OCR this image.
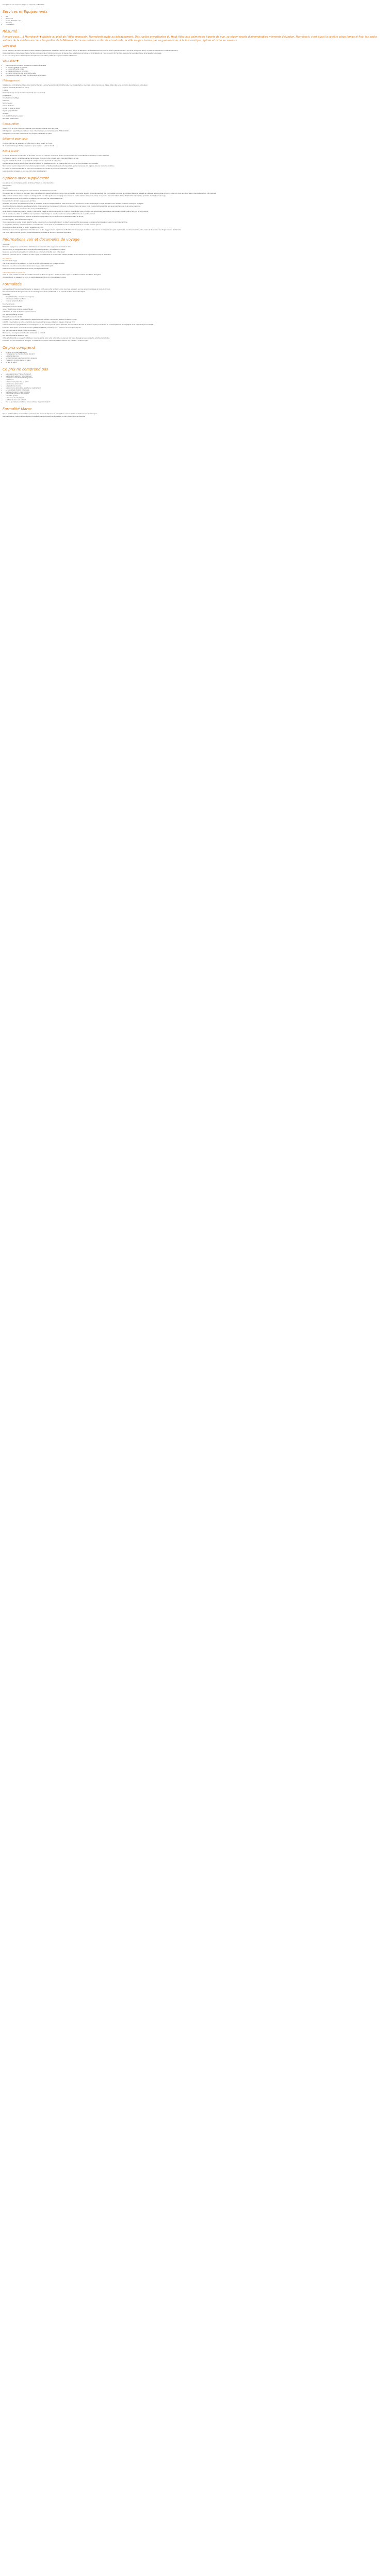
Description Ce prix comprend / Ce prix ne comprend pas Formalités

Services et Equipements
• Wifi
• Restaurant
• Sauna - Hammam - Spa
• Television
• Climatisation
Résumé

Rendez-vous... à Marrakech ♥ Nichée au pied de l'Atlas marocain, Marrakech invite au dépaysement. Des ruelles envoûtantes du Haut Atlas aux palmeraies à perte de vue, sa région recèle d'innombrables moments d'évasion. Marrakech, c'est aussi la célèbre place Jemaa el-Fna, les souks animés de la médina au cœur les jardins de la Ménara. Entre ses trésors culturels et naturels, la ville rouge charme par sa gastronomie, à la fois rustique, épicée et riche en saveurs

Votre Riad

Le Riad Dar Kimoa et le Riad Marrakech (ou Riad Saint-Tropez) à Marrakech. Idéalement situé au cœur de la médina de Marrakech, ces établissements sont tous les deux à quelques minutes à pied de la place Jemaa el-Fna, du palais de la Bahia et du musée de Marrakech.

Dans une ambiance chaleureuse, chaque chambre propose un décor traditionnel marocain et dispose d'une salle de bains privative, de la climatisation et d'une connexion Wi-Fi gratuite. Vous pourrez vous détendre sur la terrasse bien aménagée.

Ce riad vous plonge dans une atmosphère d'exception et vous invite à profiter d'un séjour inoubliable à Marrakech.

Vous allez ♥
• Les conditions d'annulation flexibles et une flexibilité de dates
• La piscine à partager en plein air
• La cuisine raffinée et variée
• La vue panoramique sur la médina
• Le quartier très animé et la proximité des sites
• L'emplacement idéal pour partir à la découverte de Marrakech
Hébergement

Installez-vous confortablement dans votre chambre Standard. Les touches de décoration traditionnelle vous transportent au cœur de la culture marocaine et chaque détail a été pensé pour votre bien-être durant votre séjour.

Capacité maximale (lits bébé non inclus) :

1 Adulte

Possibilité de séjourner en chambre individuelle avec supplément

Equipements :

Climatisation / chauffage

Coffre-fort

Sèche-cheveux

Arrivée et départ :

Arrivée : à partir de 14h00

Départ : jusqu'à 12h00

Adresse :

123, Derb El Hammam Laksour

Marrakech 40000, Maroc

Restauration

Dans le cadre de votre offre, nous installons la formule petit-déjeuner (servi sur place) :

Petit déjeuner - le petit-déjeuner est servi dans votre chambre ou sur la terrasse entre 7h30 et 10h30.

Les repas non inclus dans votre formule sont à régler directement sur place.

Séjourné pour vous

Un dîner offert dans le restaurant de l'hôtel pour un séjour à partir de 3 nuits

30 minutes de massage offertes par personne pour un séjour à partir de 3 nuits

Bon à savoir

Le riad est idéalement situé au cœur de la médina, non loin de nombreux monuments et sites incontournables tout en bénéficiant d'une ambiance calme et paisible.

Configuration des lits : le riad dispose de chambres avec lit double ou lits jumeaux, selon disponibilité à votre arrivée.

Séjour le vendredi et samedi : un supplément est à prévoir selon la période de votre séjour.

Les frais de taxe de séjour sont à régler directement auprès de l'établissement lors de votre arrivée. Les enfants de moins de 12 ans sont exonérés.

Merci de bien vouloir indiquer votre heure d'arrivée approximative à l'établissement avant votre départ afin que l'accueil puisse être organisé dans les meilleures conditions.

Le nombre de personnes inscrites au séjour doit correspondre au nombre de personnes présentes à l'arrivée.

Les animaux de compagnie ne sont pas admis dans l'établissement.

Options avec supplément

Ces options vous sont proposées dans la rubrique "Dates" de votre réservation :

Demi-pension

Transfert

Découverte Marrakech en demi-journée : Une immersion dans les trésors de la ville

Plongez au cœur de l'histoire de Marrakech avec une visite guidée passionnante de la médina. Vous partirez à la découverte des sites emblématiques de la ville : la mosquée Koutoubia, les tombeaux Saadiens, le palais de la Bahia et la place Jemaa el-Fna. Un guide local vous racontera l'histoire fascinante de cette cité impériale.

Votre aventure commence avec une prise en charge à votre riad. Votre guide vous accompagnera à travers les ruelles animées et les souks colorés. Vous pourrez découvrir l'artisanat local et les traditions ancestrales qui font le charme de la ville rouge.

L'expérience se termine par un moment de détente autour d'un thé à la menthe traditionnel.

Excursion Ourika et Imlil : Les splendeurs de l'Atlas

Partez à la découverte des vallées verdoyantes du Haut Atlas et de leurs villages berbères. Cette excursion vous emmènera à travers des paysages à couper le souffle, entre cascades, rivières et montagnes enneigées.

Vous rencontrerez les habitants des villages berbères et découvrirez leur mode de vie traditionnel. Un déjeuner dans une maison locale vous permettra de goûter aux saveurs authentiques de la cuisine marocaine.

Excursion Essaouira : Une journée au cœur de la perle de l'Atlantique

Venez découvrir Essaouira, ancienne Mogador, ville fortifiée classée au patrimoine mondial de l'UNESCO. Vous flânerez dans sa médina aux maisons blanches et bleues, ses remparts face à l'océan et son port de pêche animé.

Lors de la route, vous ferez un arrêt dans une coopérative d'huile d'argan où vous découvrirez les secrets de fabrication de ce produit précieux.

Vous profiterez de temps libre pour déjeuner de poissons frais grillés sur le port et découvrir les ateliers d'artisans de la ville.

Excursion Agafay : Entre désert et montagnes

Vivez une expérience unique dans le désert d'Agafay, à seulement une heure de Marrakech. Ce désert de pierres offre des paysages lunaires spectaculaires avec vue sur les sommets de l'Atlas.

Au programme : balade à dos de dromadaire, coucher de soleil sur les dunes et dîner traditionnel sous une tente berbère au son de la musique gnaoua.

Découverte du désert en quad ou buggy : sensations garanties

Partez pour une aventure palpitante au volant d'un quad ou d'un buggy à travers la palmeraie de Marrakech et les paysages désertiques des environs. Accompagné d'un guide expérimenté, vous traverserez des pistes variées et découvrirez des villages berbères traditionnels.

Une pause thé à la menthe dans une famille berbère vous permettra de découvrir l'hospitalité marocaine.

Informations voir et documents de voyage

Important :

Nous nous engageons à vous fournir les informations nécessaires à votre voyage dans les meilleurs délais.

Vos documents de voyage vous seront envoyés par email au plus tard 7 jours avant votre départ.

Nous vous recommandons de vérifier la validité de vos documents d'identité avant votre départ.

Nous vous informons que les conditions de votre voyage peuvent évoluer en fonction de la situation sanitaire et des restrictions en vigueur dans le pays de destination.

Bon à savoir

Documents de voyage :

Une carte d'identité ou un passeport en cours de validité est obligatoire pour voyager au Maroc.

Nous vous conseillons de souscrire une assurance voyage avant votre départ.

Les enfants mineurs doivent être munis de leur propre pièce d'identité.

Informations liées au Covid-19

Avant de partir, veuillez consulter les conditions d'entrée au Maroc en vigueur à la date de votre voyage sur le site du ministère des Affaires étrangères.

Vous devez avoir un passeport en cours de validité valable au minimum 6 mois après votre retour.

Formalités

Les ressortissants français doivent présenter un passeport valide pour entrer au Maroc. Aucun visa n'est nécessaire pour les séjours touristiques de moins de 90 jours.

Pour les ressortissants étrangers, merci de vous renseigner auprès de l'ambassade ou du consulat du Maroc avant votre départ.

Sites utiles :

• France Diplomatie - Conseils aux voyageurs
• Ambassade du Maroc en France
• Consulat général du Maroc

Documents requis :

Passeport en cours de validité

Carte d'identité (pour certains cas spécifiques)

Autorisation de sortie du territoire pour les mineurs

Pour les ressortissants français :

Passeport en cours de validité

Formalités pour un adulte : la validité de vos papiers d'identité doit être conforme aux autorités à l'entrée du pays.

A NOTER : l'autorisation de sortie du territoire des mineurs est de nouveau obligatoire depuis le 15 janvier 2017.

Les enfants mineurs voyageant seuls ou accompagnés d'un seul de leurs parents doivent présenter une autorisation de sortie du territoire signée par le titulaire de l'autorité parentale, accompagnée d'une copie de sa pièce d'identité.

Formalités d'autorisation de sortie du territoire (CERFA n°15646*01) à télécharger ici : Formulaire d'autorisation de sortie

Pour les ressortissants belges, suisses et canadiens :

Merci de vous renseigner auprès de votre ambassade ou consulat.

Pour les ressortissants des autres pays :

Votre carte d'identité ou passeport doit être en cours de validité. Selon votre nationalité, un visa peut être exigé. Renseignez-vous auprès des autorités compétentes.

Formalités pour les ressortissants étrangers : la validité de vos papiers d'identité doit être conforme aux autorités à l'entrée du pays.

Ce prix comprend
• Le séjour de 3 nuits à Marrakech
• L'hébergement en chambre double standard
• Les petits-déjeuners
• Le dîner d'accueil le premier soir (hors boissons)
• L'assistance de notre équipe sur place
• La taxe de séjour
Ce prix ne comprend pas
• Les vols aller-retour France / Marrakech
• Les transferts aéroport / hôtel / aéroport
• Les repas non mentionnés au programme
• Les boissons
• Les excursions proposées en option
• Les dépenses personnelles
• Les pourboires et extras
• Les assurances (annulation, assistance, rapatriement)
• Le supplément chambre individuelle
• Les taxes de séjour à régler sur place
• Les activités sportives et culturelles
• Les visites guidées
• Les services de conciergerie
• Les frais de visa le cas échéant
• Tout ce qui n'est pas mentionné dans la rubrique "Ce prix comprend"
Formalité Maroc

Pour se rendre au Maroc, il convient que vous trouviez le moyen de disposer d'un passeport en cours de validité couvrant la durée de votre séjour.

Les ressortissants d'autres nationalités sont invités à se renseigner auprès de l'ambassade du Maroc de leur pays de résidence.
